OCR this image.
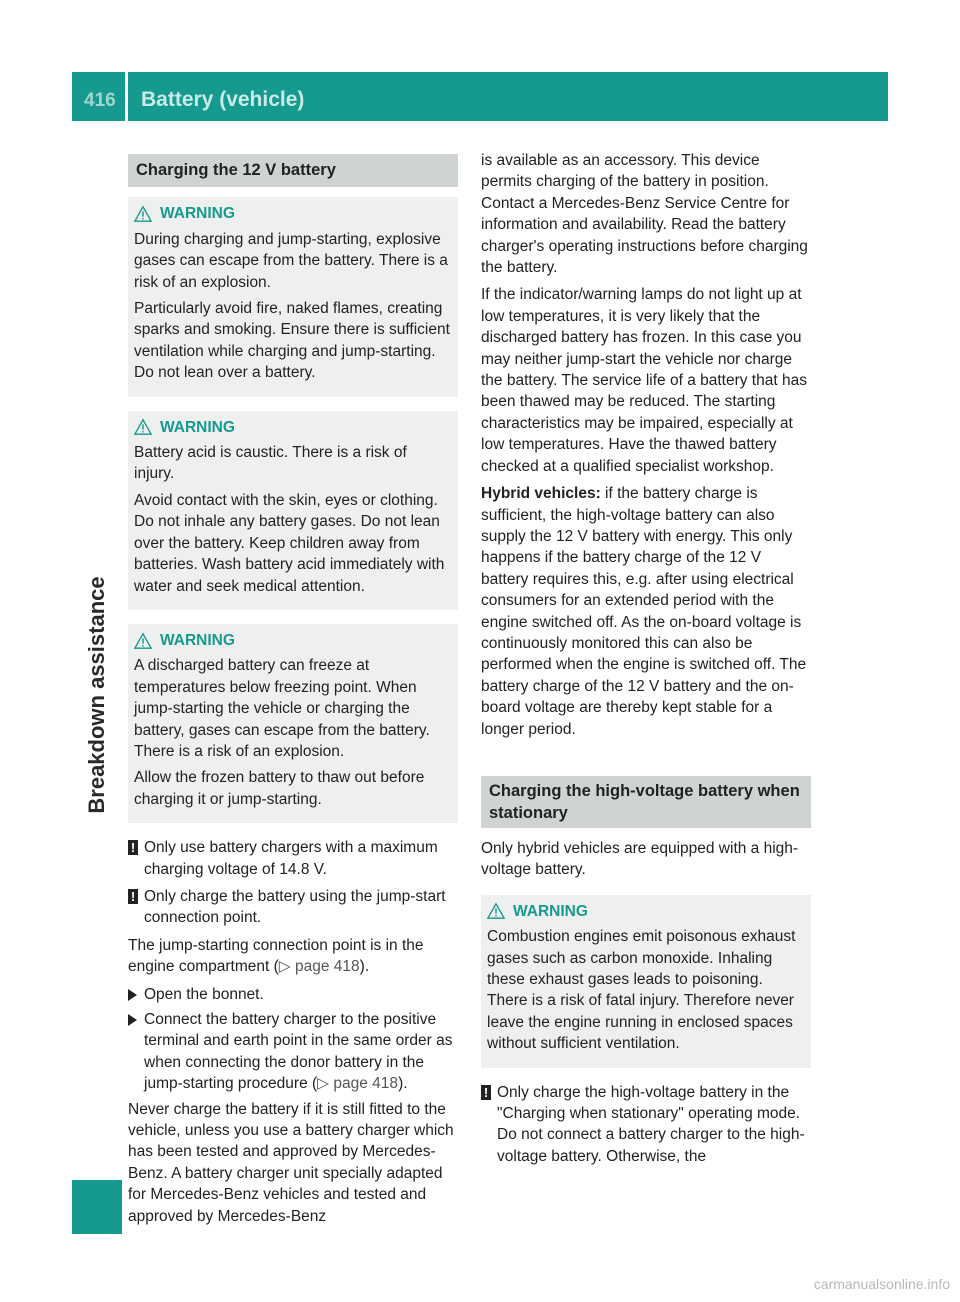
416 Battery (vehicle)
Breakdown assistance
Charging the 12 V battery
WARNING

During charging and jump-starting, explosive gases can escape from the battery. There is a risk of an explosion.

Particularly avoid fire, naked flames, creating sparks and smoking. Ensure there is sufficient ventilation while charging and jump-starting. Do not lean over a battery.

WARNING

Battery acid is caustic. There is a risk of injury.

Avoid contact with the skin, eyes or clothing. Do not inhale any battery gases. Do not lean over the battery. Keep children away from batteries. Wash battery acid immediately with water and seek medical attention.

WARNING

A discharged battery can freeze at temperatures below freezing point. When jump-starting the vehicle or charging the battery, gases can escape from the battery. There is a risk of an explosion.

Allow the frozen battery to thaw out before charging it or jump-starting.

! Only use battery chargers with a maximum charging voltage of 14.8 V.
! Only charge the battery using the jump-start connection point.

The jump-starting connection point is in the engine compartment (▷ page 418).

Open the bonnet.
Connect the battery charger to the positive terminal and earth point in the same order as when connecting the donor battery in the jump-starting procedure (▷ page 418).

Never charge the battery if it is still fitted to the vehicle, unless you use a battery charger which has been tested and approved by Mercedes-Benz. A battery charger unit specially adapted for Mercedes-Benz vehicles and tested and approved by Mercedes-Benz

is available as an accessory. This device permits charging of the battery in position. Contact a Mercedes-Benz Service Centre for information and availability. Read the battery charger's operating instructions before charging the battery.

If the indicator/warning lamps do not light up at low temperatures, it is very likely that the discharged battery has frozen. In this case you may neither jump-start the vehicle nor charge the battery. The service life of a battery that has been thawed may be reduced. The starting characteristics may be impaired, especially at low temperatures. Have the thawed battery checked at a qualified specialist workshop.

Hybrid vehicles: if the battery charge is sufficient, the high-voltage battery can also supply the 12 V battery with energy. This only happens if the battery charge of the 12 V battery requires this, e.g. after using electrical consumers for an extended period with the engine switched off. As the on-board voltage is continuously monitored this can also be performed when the engine is switched off. The battery charge of the 12 V battery and the on-board voltage are thereby kept stable for a longer period.

Charging the high-voltage battery when stationary

Only hybrid vehicles are equipped with a high-voltage battery.

WARNING

Combustion engines emit poisonous exhaust gases such as carbon monoxide. Inhaling these exhaust gases leads to poisoning. There is a risk of fatal injury. Therefore never leave the engine running in enclosed spaces without sufficient ventilation.

! Only charge the high-voltage battery in the "Charging when stationary" operating mode. Do not connect a battery charger to the high-voltage battery. Otherwise, the
carmanualsonline.info
